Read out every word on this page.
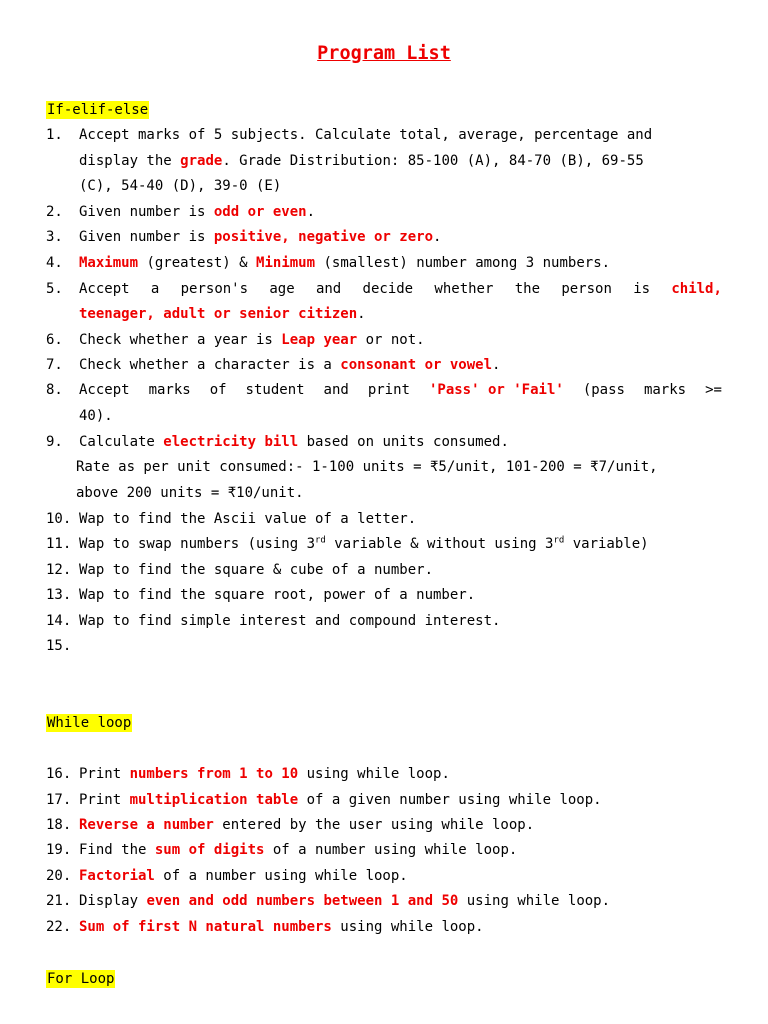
Program List
If-elif-else
1. Accept marks of 5 subjects. Calculate total, average, percentage and
display the grade. Grade Distribution: 85-100 (A), 84-70 (B), 69-55
(C), 54-40 (D), 39-0 (E)
2. Given number is odd or even.
3. Given number is positive, negative or zero.
4. Maximum (greatest) & Minimum (smallest) number among 3 numbers.
5. Accept a person's age and decide whether the person is child,
teenager, adult or senior citizen.
6. Check whether a year is Leap year or not.
7. Check whether a character is a consonant or vowel.
8. Accept marks of student and print 'Pass' or 'Fail' (pass marks >=
40).
9. Calculate electricity bill based on units consumed.
Rate as per unit consumed:- 1-100 units = ₹5/unit, 101-200 = ₹7/unit,
above 200 units = ₹10/unit.
10. Wap to find the Ascii value of a letter.
11. Wap to swap numbers (using 3rd variable & without using 3rd variable)
12. Wap to find the square & cube of a number.
13. Wap to find the square root, power of a number.
14. Wap to find simple interest and compound interest.
15.
While loop
16. Print numbers from 1 to 10 using while loop.
17. Print multiplication table of a given number using while loop.
18. Reverse a number entered by the user using while loop.
19. Find the sum of digits of a number using while loop.
20. Factorial of a number using while loop.
21. Display even and odd numbers between 1 and 50 using while loop.
22. Sum of first N natural numbers using while loop.
For Loop
